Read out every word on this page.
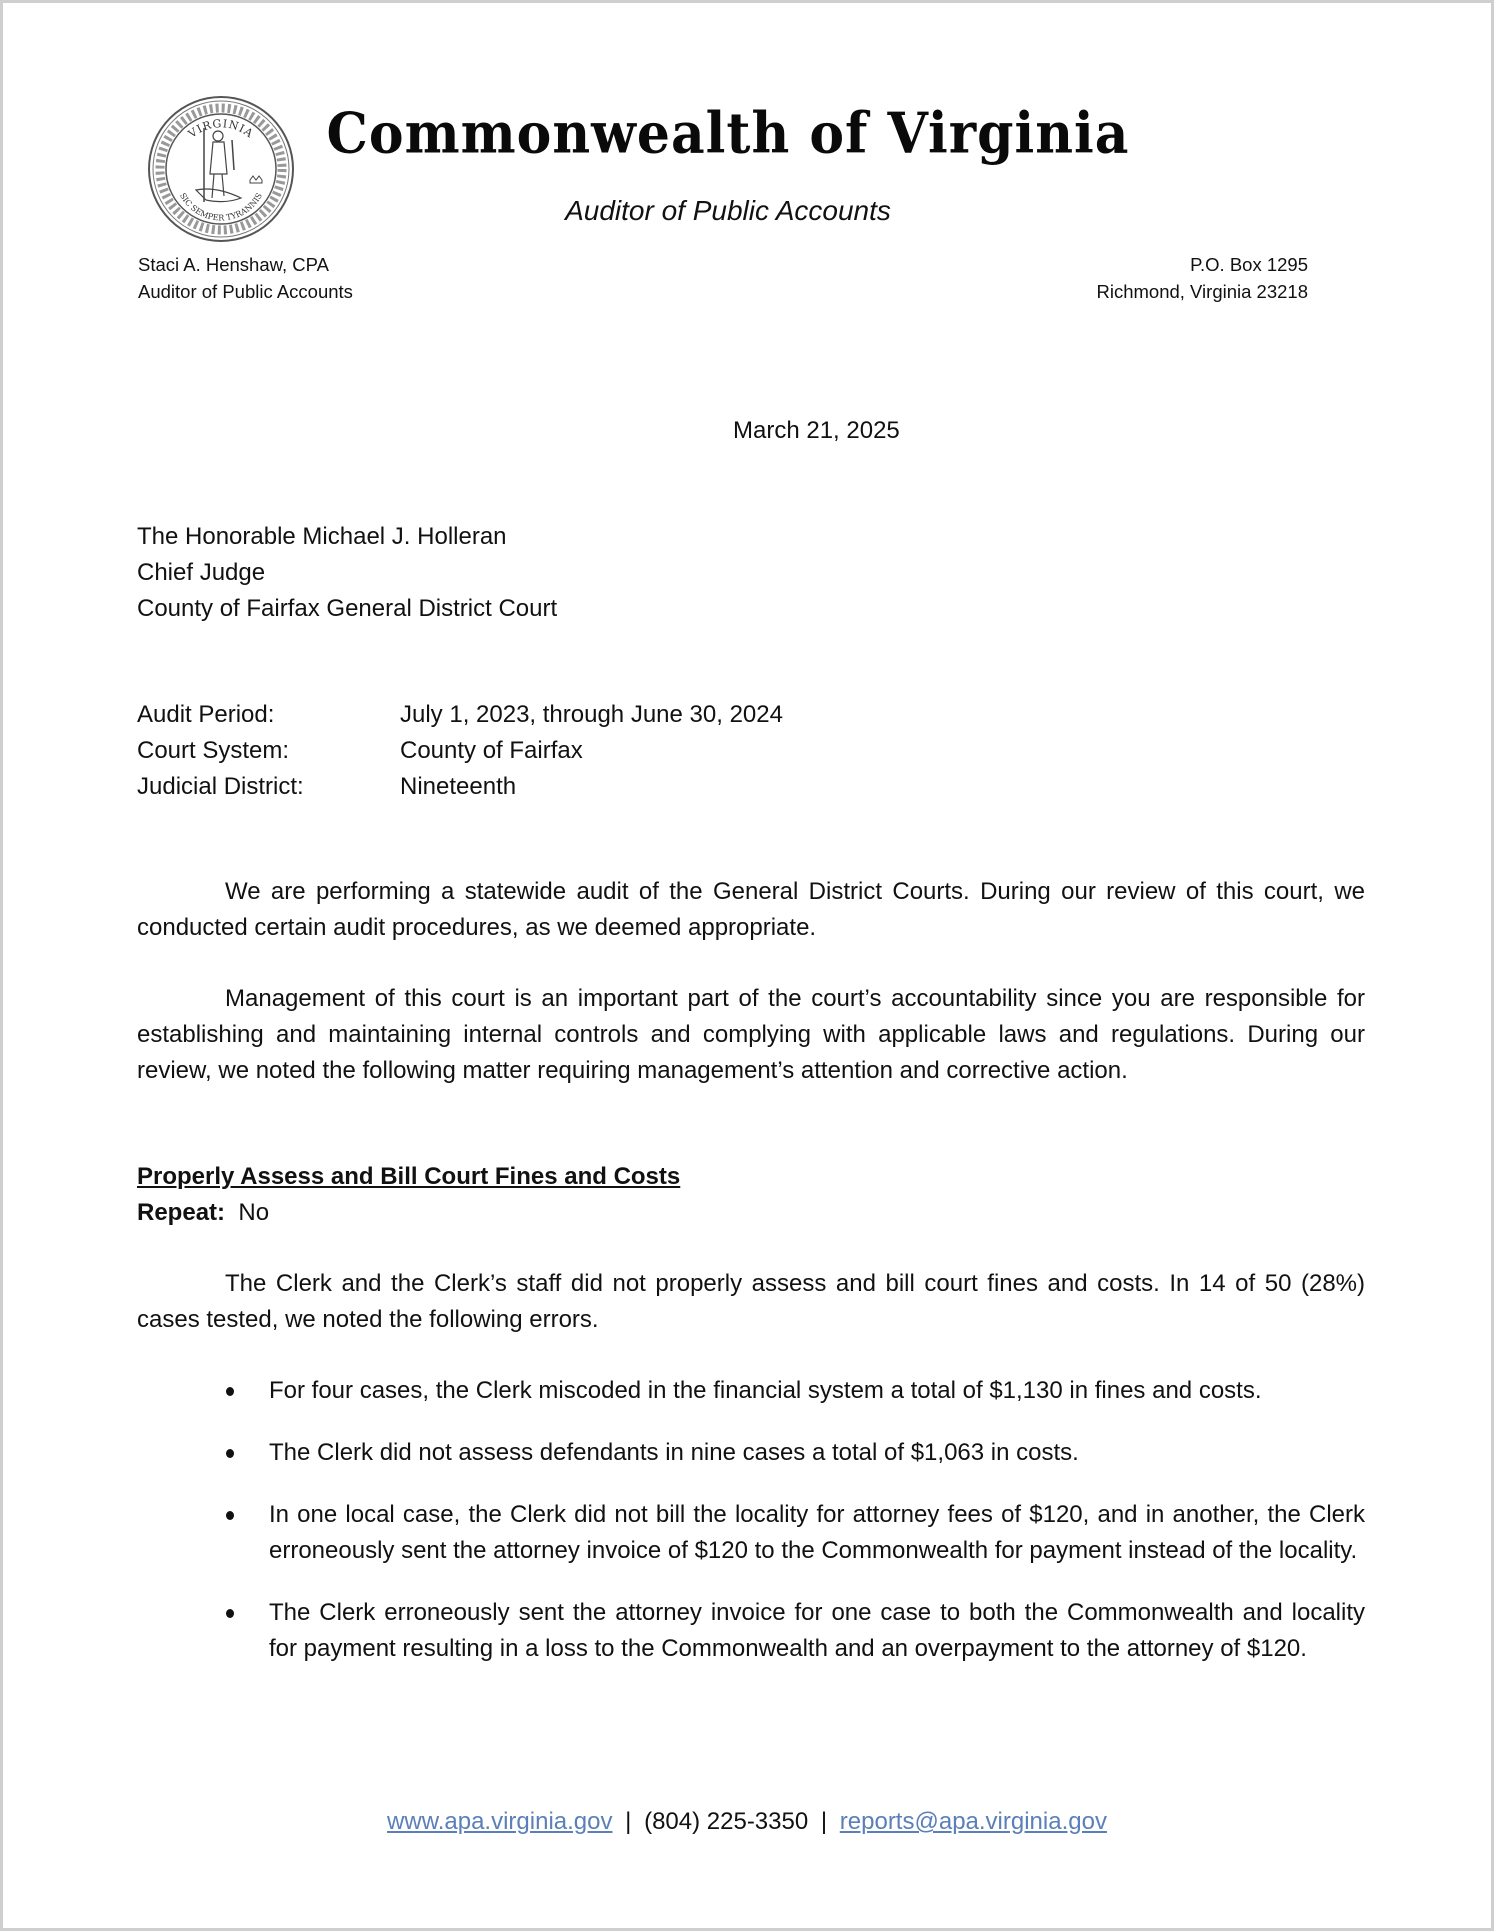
VIRGINIA
SIC SEMPER TYRANNIS
Commonwealth of Virginia
Auditor of Public Accounts
Staci A. Henshaw, CPA
Auditor of Public Accounts
P.O. Box 1295
Richmond, Virginia 23218
March 21, 2025
The Honorable Michael J. Holleran
Chief Judge
County of Fairfax General District Court
Audit Period:	July 1, 2023, through June 30, 2024
Court System:	County of Fairfax
Judicial District:	Nineteenth

We are performing a statewide audit of the General District Courts. During our review of this court, we conducted certain audit procedures, as we deemed appropriate.

Management of this court is an important part of the court’s accountability since you are responsible for establishing and maintaining internal controls and complying with applicable laws and regulations. During our review, we noted the following matter requiring management’s attention and corrective action.

Properly Assess and Bill Court Fines and Costs
Repeat: No

The Clerk and the Clerk’s staff did not properly assess and bill court fines and costs. In 14 of 50 (28%) cases tested, we noted the following errors.

For four cases, the Clerk miscoded in the financial system a total of $1,130 in fines and costs.
The Clerk did not assess defendants in nine cases a total of $1,063 in costs.
In one local case, the Clerk did not bill the locality for attorney fees of $120, and in another, the Clerk erroneously sent the attorney invoice of $120 to the Commonwealth for payment instead of the locality.
The Clerk erroneously sent the attorney invoice for one case to both the Commonwealth and locality for payment resulting in a loss to the Commonwealth and an overpayment to the attorney of $120.
www.apa.virginia.gov | (804) 225-3350 | reports@apa.virginia.gov
